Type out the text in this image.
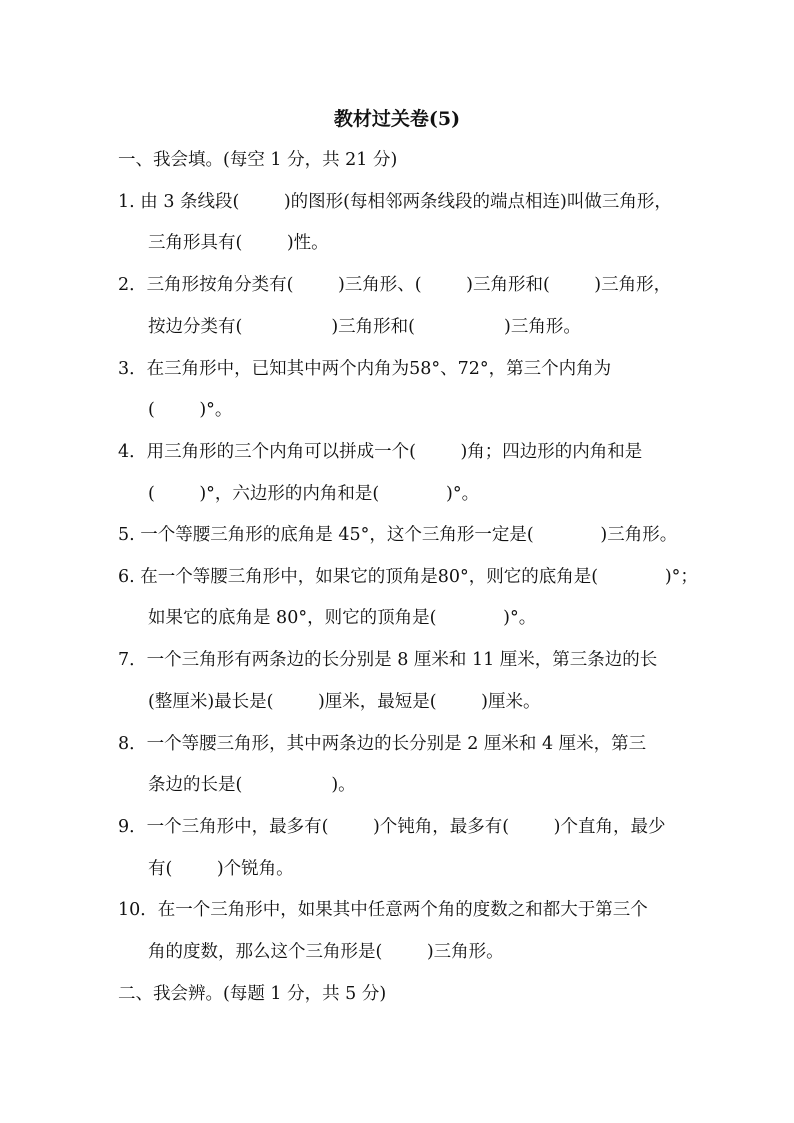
教材过关卷(5)
一、我会填。(每空 1 分，共 21 分)
1. 由 3 条线段(        )的图形(每相邻两条线段的端点相连)叫做三角形，
三角形具有(        )性。
2．三角形按角分类有(        )三角形、(        )三角形和(        )三角形，
按边分类有(                )三角形和(                )三角形。
3．在三角形中，已知其中两个内角为58°、72°，第三个内角为
(        )°。
4．用三角形的三个内角可以拼成一个(        )角；四边形的内角和是
(        )°，六边形的内角和是(            )°。
5. 一个等腰三角形的底角是 45°，这个三角形一定是(            )三角形。
6. 在一个等腰三角形中，如果它的顶角是80°，则它的底角是(            )°；
如果它的底角是 80°，则它的顶角是(            )°。
7．一个三角形有两条边的长分别是 8 厘米和 11 厘米，第三条边的长
(整厘米)最长是(        )厘米，最短是(        )厘米。
8．一个等腰三角形，其中两条边的长分别是 2 厘米和 4 厘米，第三
条边的长是(                )。
9．一个三角形中，最多有(        )个钝角，最多有(        )个直角，最少
有(        )个锐角。
10．在一个三角形中，如果其中任意两个角的度数之和都大于第三个
角的度数，那么这个三角形是(        )三角形。
二、我会辨。(每题 1 分，共 5 分)
